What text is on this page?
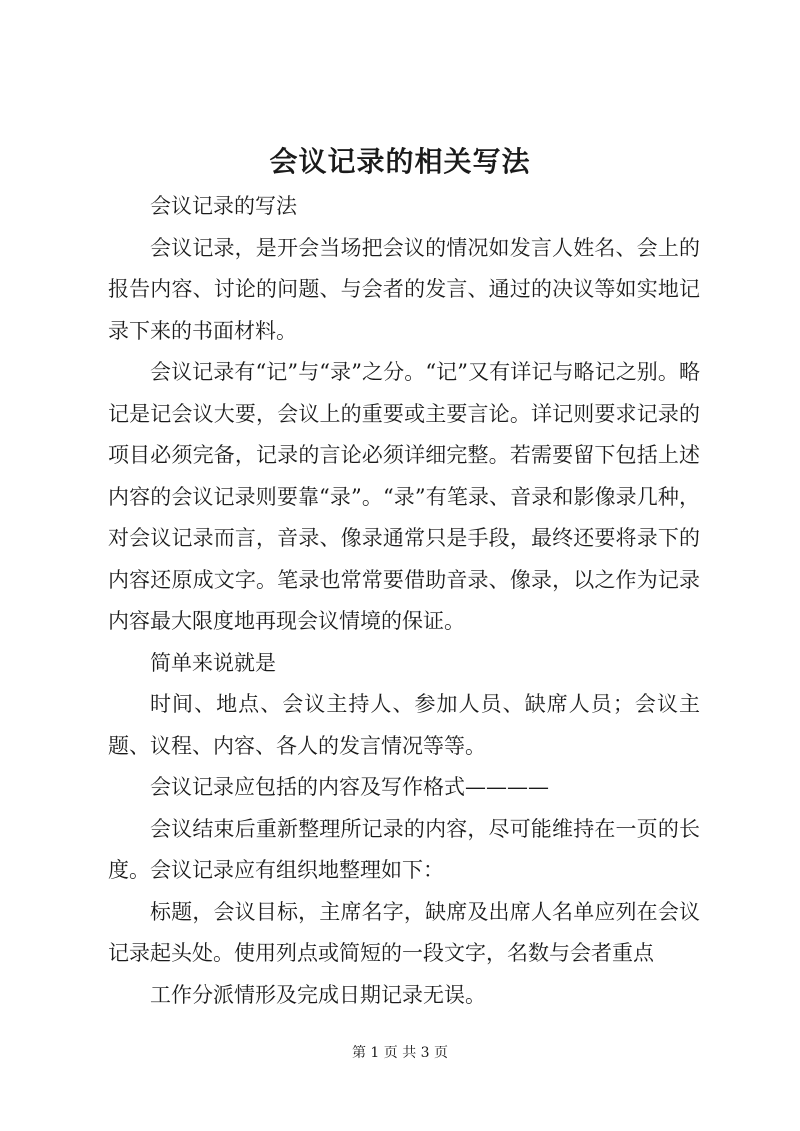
会议记录的相关写法

会议记录的写法

会议记录，是开会当场把会议的情况如发言人姓名、会上的报告内容、讨论的问题、与会者的发言、通过的决议等如实地记录下来的书面材料。

会议记录有“记”与“录”之分。“记”又有详记与略记之别。略记是记会议大要，会议上的重要或主要言论。详记则要求记录的项目必须完备，记录的言论必须详细完整。若需要留下包括上述内容的会议记录则要靠“录”。“录”有笔录、音录和影像录几种，对会议记录而言，音录、像录通常只是手段，最终还要将录下的内容还原成文字。笔录也常常要借助音录、像录，以之作为记录内容最大限度地再现会议情境的保证。

简单来说就是

时间、地点、会议主持人、参加人员、缺席人员；会议主题、议程、内容、各人的发言情况等等。

会议记录应包括的内容及写作格式————

会议结束后重新整理所记录的内容，尽可能维持在一页的长度。会议记录应有组织地整理如下：

标题，会议目标，主席名字，缺席及出席人名单应列在会议记录起头处。使用列点或简短的一段文字，名数与会者重点

工作分派情形及完成日期记录无误。

第 1 页 共 3 页
